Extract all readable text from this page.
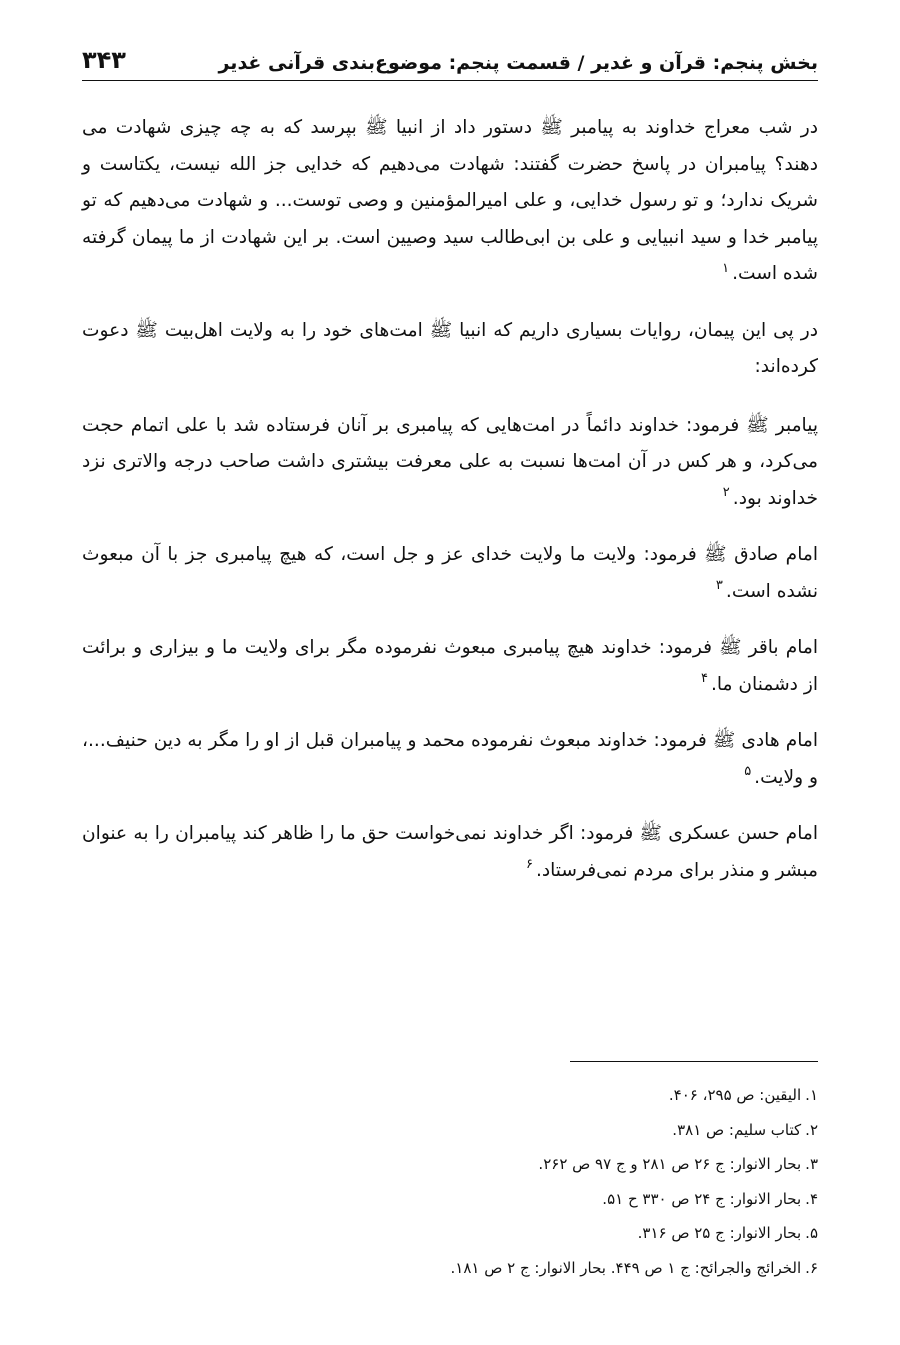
بخش پنجم: قرآن و غدیر / قسمت پنجم: موضوع‌بندی قرآنی غدیر
۳۴۳

در شب معراج خداوند به پیامبر ﷺ دستور داد از انبیا ﷺ بپرسد که به چه چیزی شهادت می دهند؟ پیامبران در پاسخ حضرت گفتند: شهادت می‌دهیم که خدایی جز الله نیست، یکتاست و شریک ندارد؛ و تو رسول خدایی، و علی امیرالمؤمنین و وصی توست... و شهادت می‌دهیم که تو پیامبر خدا و سید انبیایی و علی بن ابی‌طالب سید وصیین است. بر این شهادت از ما پیمان گرفته شده است.$^۱$

در پی این پیمان، روایات بسیاری داریم که انبیا ﷺ امت‌های خود را به ولایت اهل‌بیت ﷺ دعوت کرده‌اند:

پیامبر ﷺ فرمود: خداوند دائماً در امت‌هایی که پیامبری بر آنان فرستاده شد با علی اتمام حجت می‌کرد، و هر کس در آن امت‌ها نسبت به علی معرفت بیشتری داشت صاحب درجه والاتری نزد خداوند بود.$^۲$

امام صادق ﷺ فرمود: ولایت ما ولایت خدای عز و جل است، که هیچ پیامبری جز با آن مبعوث نشده است.$^۳$

امام باقر ﷺ فرمود: خداوند هیچ پیامبری مبعوث نفرموده مگر برای ولایت ما و بیزاری و برائت از دشمنان ما.$^۴$

امام هادی ﷺ فرمود: خداوند مبعوث نفرموده محمد و پیامبران قبل از او را مگر به دین حنیف...، و ولایت.$^۵$

امام حسن عسکری ﷺ فرمود: اگر خداوند نمی‌خواست حق ما را ظاهر کند پیامبران را به عنوان مبشر و منذر برای مردم نمی‌فرستاد.$^۶$

۱.الیقین: ص ۲۹۵، ۴۰۶.
۲.کتاب سلیم: ص ۳۸۱.
۳.بحار الانوار: ج ۲۶ ص ۲۸۱ و ج ۹۷ ص ۲۶۲.
۴.بحار الانوار: ج ۲۴ ص ۳۳۰ ح ۵۱.
۵.بحار الانوار: ج ۲۵ ص ۳۱۶.
۶.الخرائج والجرائح: ج ۱ ص ۴۴۹. بحار الانوار: ج ۲ ص ۱۸۱.
